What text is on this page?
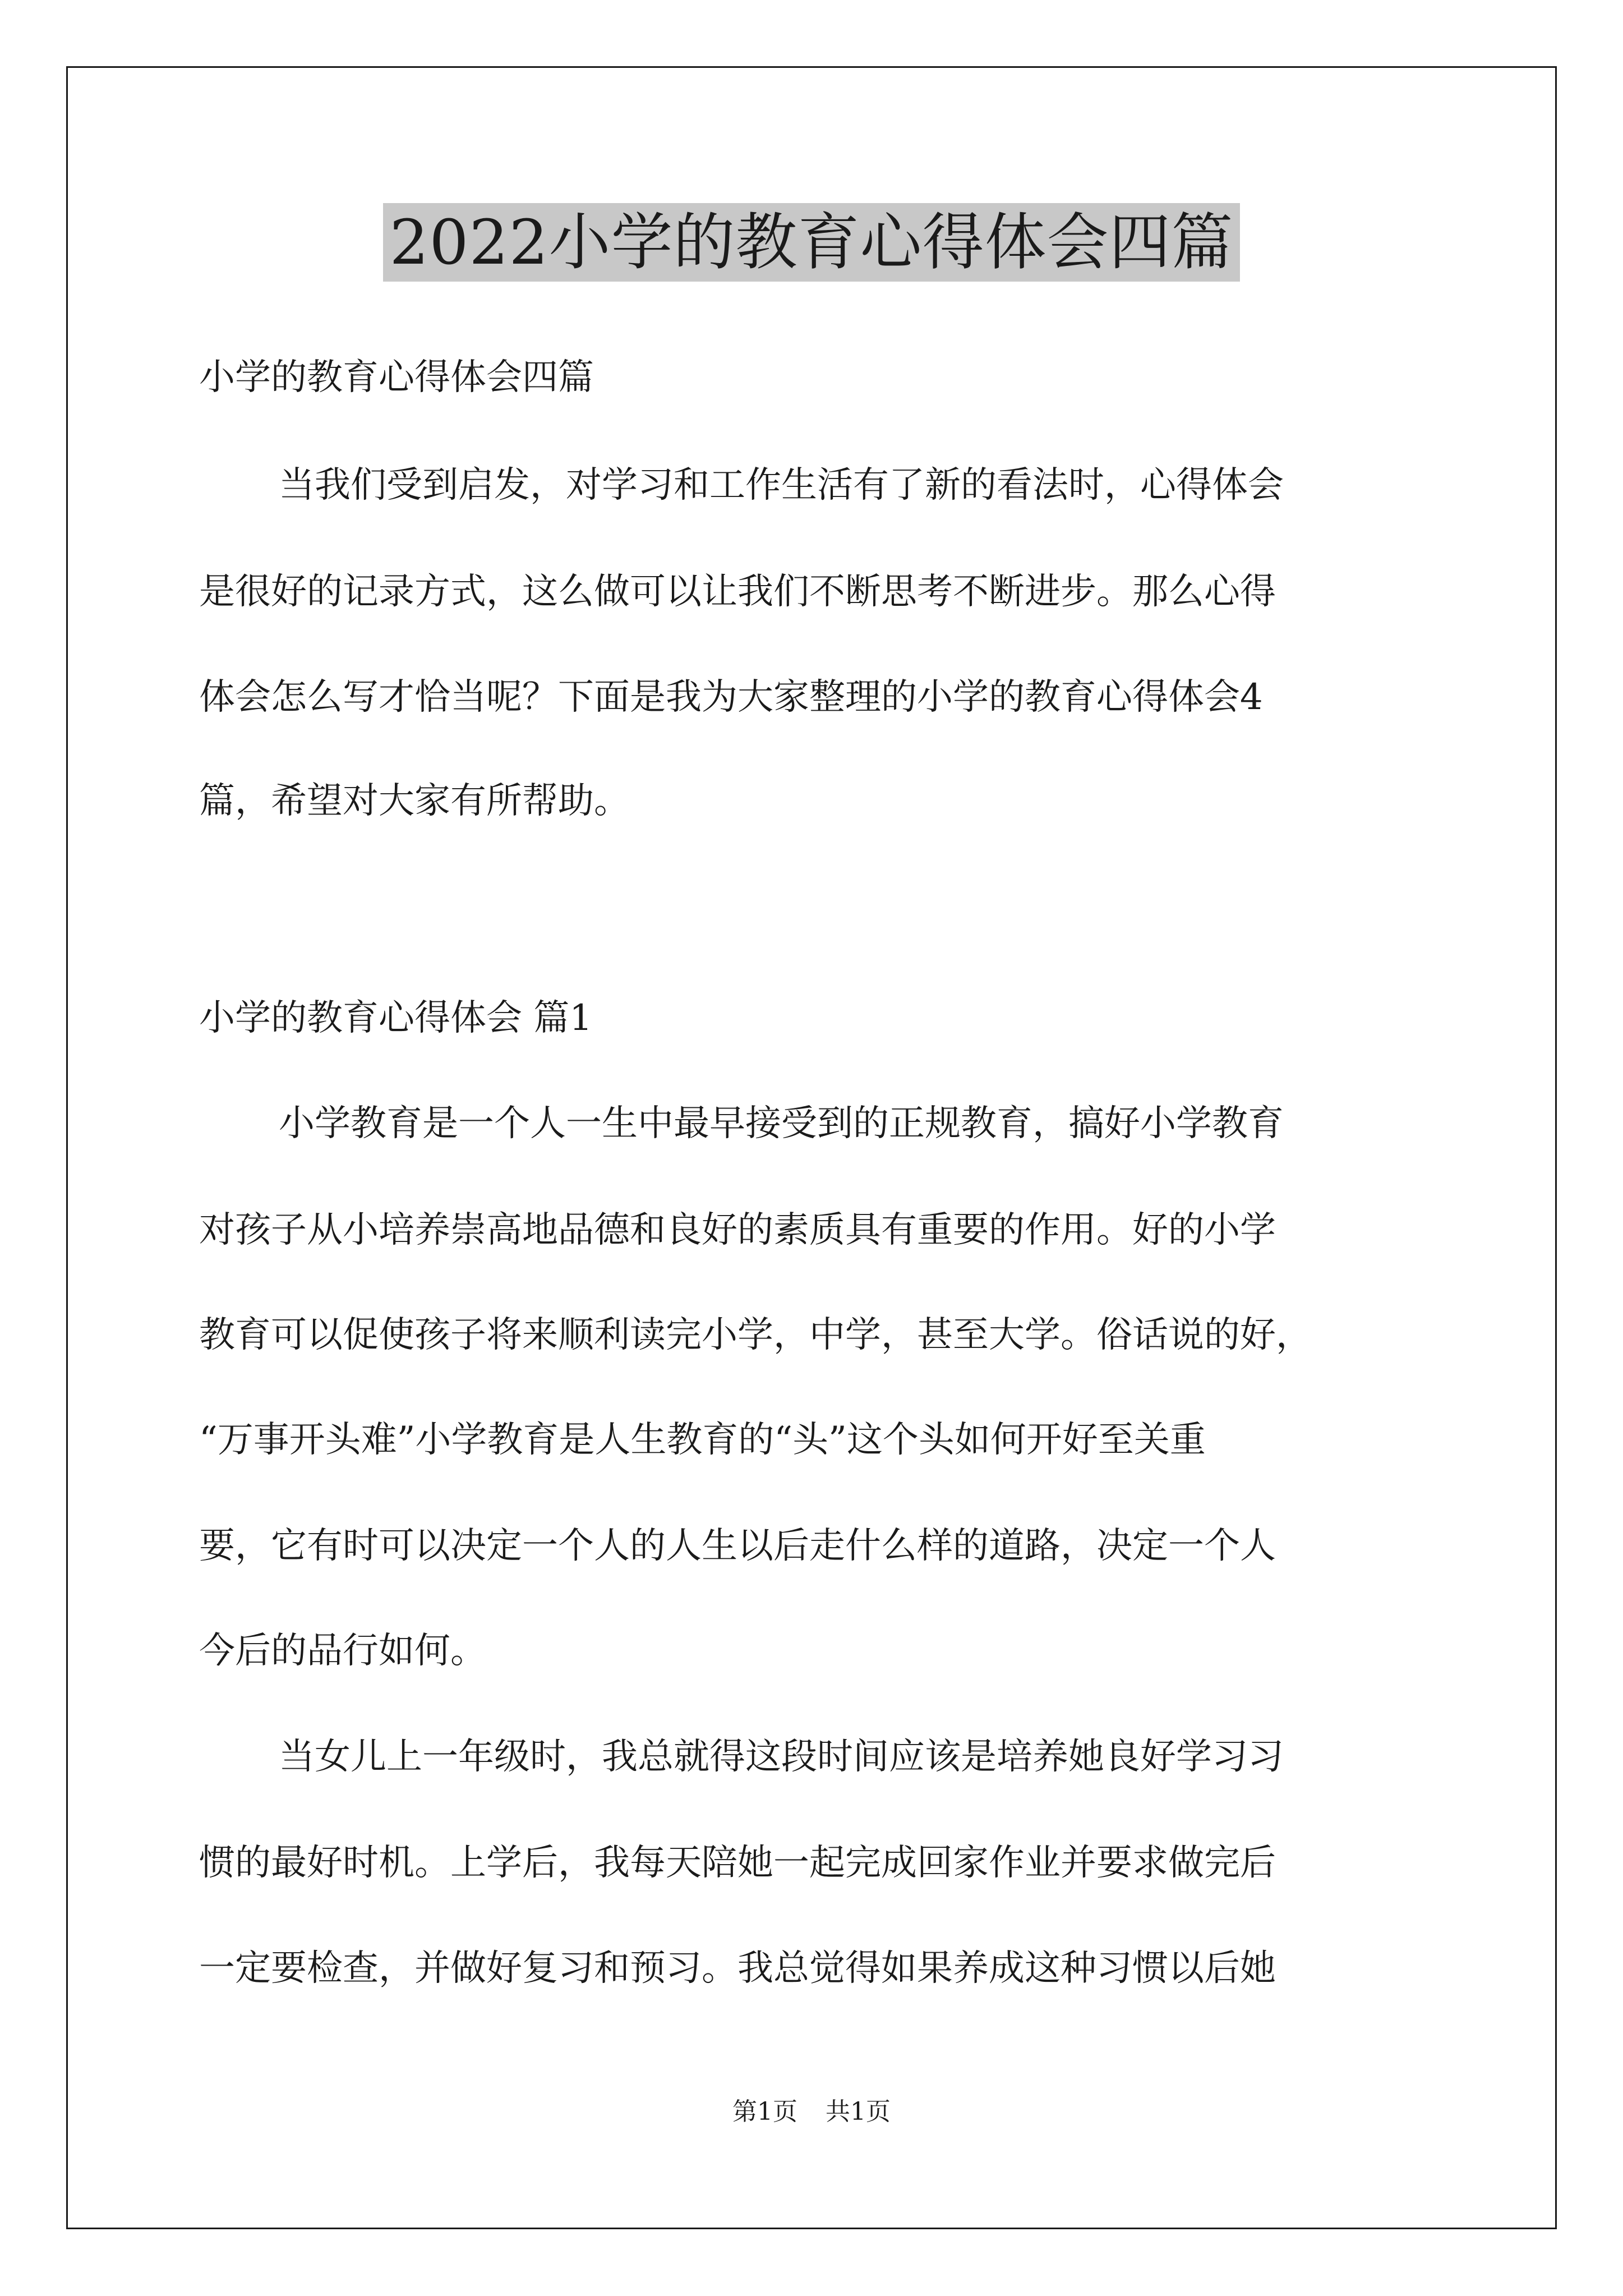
2022小学的教育心得体会四篇
小学的教育心得体会四篇
当我们受到启发，对学习和工作生活有了新的看法时，心得体会
是很好的记录方式，这么做可以让我们不断思考不断进步。那么心得
体会怎么写才恰当呢？下面是我为大家整理的小学的教育心得体会4
篇，希望对大家有所帮助。
小学的教育心得体会 篇1
小学教育是一个人一生中最早接受到的正规教育，搞好小学教育
对孩子从小培养崇高地品德和良好的素质具有重要的作用。好的小学
教育可以促使孩子将来顺利读完小学，中学，甚至大学。俗话说的好，
“万事开头难”小学教育是人生教育的“头”这个头如何开好至关重
要，它有时可以决定一个人的人生以后走什么样的道路，决定一个人
今后的品行如何。
当女儿上一年级时，我总就得这段时间应该是培养她良好学习习
惯的最好时机。上学后，我每天陪她一起完成回家作业并要求做完后
一定要检查，并做好复习和预习。我总觉得如果养成这种习惯以后她
第1页 共1页
